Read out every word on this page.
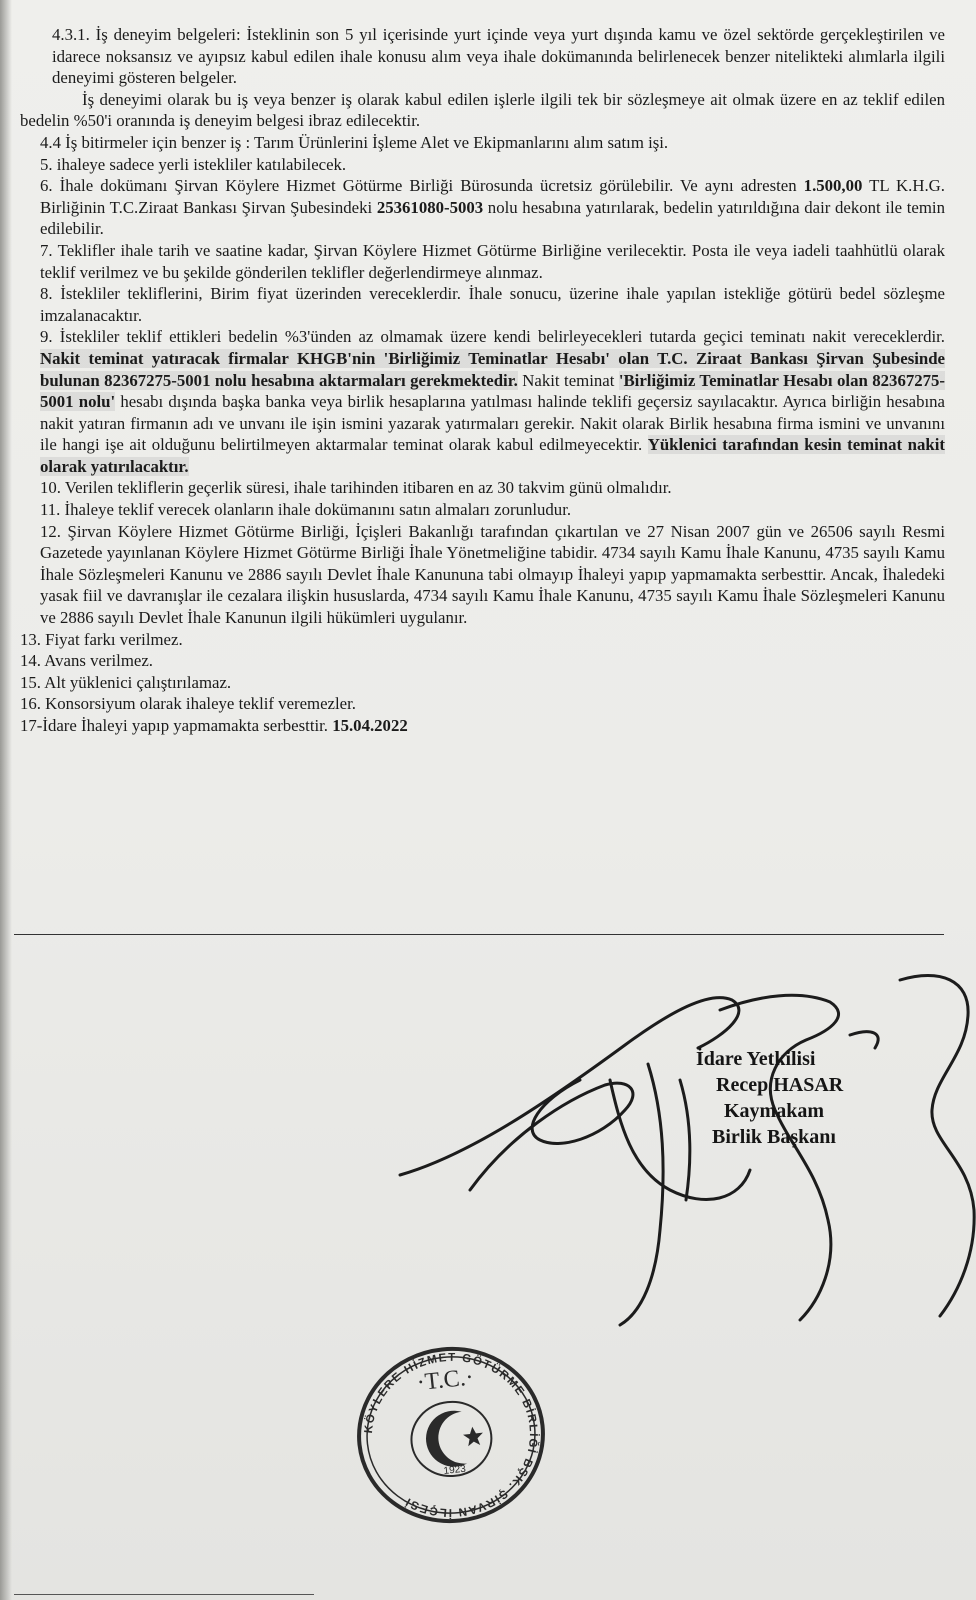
4.3.1. İş deneyim belgeleri: İsteklinin son 5 yıl içerisinde yurt içinde veya yurt dışında kamu ve özel sektörde gerçekleştirilen ve idarece noksansız ve ayıpsız kabul edilen ihale konusu alım veya ihale dokümanında belirlenecek benzer nitelikteki alımlarla ilgili deneyimi gösteren belgeler.

İş deneyimi olarak bu iş veya benzer iş olarak kabul edilen işlerle ilgili tek bir sözleşmeye ait olmak üzere en az teklif edilen bedelin %50'i oranında iş deneyim belgesi ibraz edilecektir.

4.4 İş bitirmeler için benzer iş : Tarım Ürünlerini İşleme Alet ve Ekipmanlarını alım satım işi.

5. ihaleye sadece yerli istekliler katılabilecek.

6. İhale dokümanı Şirvan Köylere Hizmet Götürme Birliği Bürosunda ücretsiz görülebilir. Ve aynı adresten 1.500,00 TL K.H.G. Birliğinin T.C.Ziraat Bankası Şirvan Şubesindeki 25361080-5003 nolu hesabına yatırılarak, bedelin yatırıldığına dair dekont ile temin edilebilir.

7. Teklifler ihale tarih ve saatine kadar, Şirvan Köylere Hizmet Götürme Birliğine verilecektir. Posta ile veya iadeli taahhütlü olarak teklif verilmez ve bu şekilde gönderilen teklifler değerlendirmeye alınmaz.

8. İstekliler tekliflerini, Birim fiyat üzerinden vereceklerdir. İhale sonucu, üzerine ihale yapılan istekliğe götürü bedel sözleşme imzalanacaktır.

9. İstekliler teklif ettikleri bedelin %3'ünden az olmamak üzere kendi belirleyecekleri tutarda geçici teminatı nakit vereceklerdir. Nakit teminat yatıracak firmalar KHGB'nin 'Birliğimiz Teminatlar Hesabı' olan T.C. Ziraat Bankası Şirvan Şubesinde bulunan 82367275-5001 nolu hesabına aktarmaları gerekmektedir. Nakit teminat 'Birliğimiz Teminatlar Hesabı olan 82367275-5001 nolu' hesabı dışında başka banka veya birlik hesaplarına yatılması halinde teklifi geçersiz sayılacaktır. Ayrıca birliğin hesabına nakit yatıran firmanın adı ve unvanı ile işin ismini yazarak yatırmaları gerekir. Nakit olarak Birlik hesabına firma ismini ve unvanını ile hangi işe ait olduğunu belirtilmeyen aktarmalar teminat olarak kabul edilmeyecektir. Yüklenici tarafından kesin teminat nakit olarak yatırılacaktır.

10. Verilen tekliflerin geçerlik süresi, ihale tarihinden itibaren en az 30 takvim günü olmalıdır.

11. İhaleye teklif verecek olanların ihale dokümanını satın almaları zorunludur.

12. Şirvan Köylere Hizmet Götürme Birliği, İçişleri Bakanlığı tarafından çıkartılan ve 27 Nisan 2007 gün ve 26506 sayılı Resmi Gazetede yayınlanan Köylere Hizmet Götürme Birliği İhale Yönetmeliğine tabidir. 4734 sayılı Kamu İhale Kanunu, 4735 sayılı Kamu İhale Sözleşmeleri Kanunu ve 2886 sayılı Devlet İhale Kanununa tabi olmayıp İhaleyi yapıp yapmamakta serbesttir. Ancak, İhaledeki yasak fiil ve davranışlar ile cezalara ilişkin hususlarda, 4734 sayılı Kamu İhale Kanunu, 4735 sayılı Kamu İhale Sözleşmeleri Kanunu ve 2886 sayılı Devlet İhale Kanunun ilgili hükümleri uygulanır.

13. Fiyat farkı verilmez.

14. Avans verilmez.

15. Alt yüklenici çalıştırılamaz.

16. Konsorsiyum olarak ihaleye teklif veremezler.

17-İdare İhaleyi yapıp yapmamakta serbesttir. 15.04.2022

İdare Yetkilisi
Recep HASAR
Kaymakam
Birlik Başkanı
·T.C.·
1923
KÖYLERE HİZMET GÖTÜRME BİRLİĞİ BŞK. ŞİRVAN İLÇESİ
